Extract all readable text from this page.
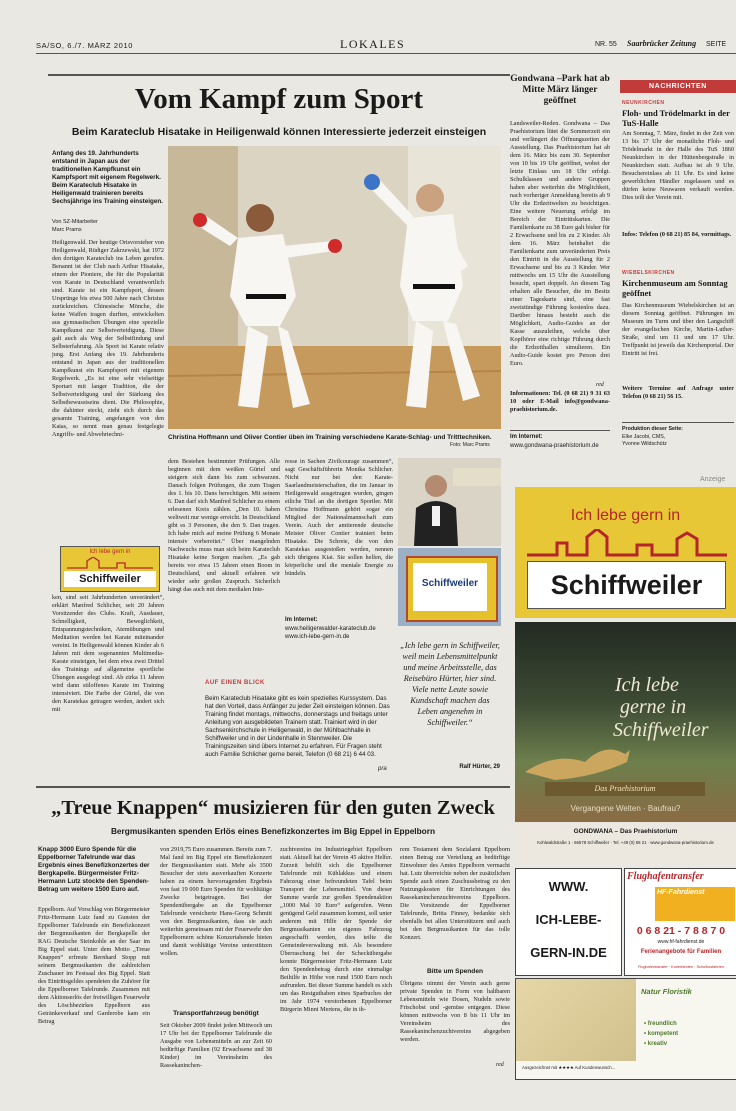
SA/SO, 6./7. MÄRZ 2010	LOKALES	NR. 55 Saarbrücker Zeitung SEITE
Vom Kampf zum Sport
Beim Karateclub Hisatake in Heiligenwald können Interessierte jederzeit einsteigen
Anfang des 19. Jahrhunderts entstand in Japan aus der traditionellen Kampfkunst ein Kampfsport mit eigenem Regelwerk. Beim Karateclub Hisatake in Heiligenwald trainieren bereits Sechsjährige ins Training einsteigen.
Von SZ-Mitarbeiter
Marc Prams
Heiligenwald. Der heutige Ortsvorsteher von Heiligenwald, Rüdiger Zakrzewski, hat 1972 den dortigen Karateclub ins Leben gerufen. Benannt ist der Club nach Arthur Hisatake, einem der Pioniere, die für die Popularität von Karate in Deutschland verantwortlich sind. Karate ist ein Kampfsport, dessen Ursprünge bis etwa 500 Jahre nach Christus zurückreichen. Chinesische Mönche, die keine Waffen tragen durften, entwickelten aus gymnastischen Übungen eine spezielle Kampfkunst zur Selbstverteidigung. Diese galt auch als Weg der Selbstfindung und Selbsterfahrung. Als Sport ist Karate relativ jung. Erst Anfang des 19. Jahrhunderts entstand in Japan aus der traditionellen Kampfkunst ein Kampfsport mit eigenem Regelwerk. „Es ist eine sehr vielseitige Sportart mit langer Tradition, die der Selbstverteidigung und der Stärkung des Selbstbewusstseins dient. Die Philosophie, die dahinter steckt, zieht sich durch das gesamte Training, angefangen von den Katas, so nennt man genau festgelegte Angriffs- und Abwehrtechni-	Christina Hoffmann und Oliver Contier üben im Training verschiedene Karate-Schlag- und Tritttechniken.
Foto: Marc Prams
dem Bestehen bestimmter Prüfungen. Alle beginnen mit dem weißen Gürtel und steigern sich dann bis zum schwarzen. Danach folgen Prüfungen, die zum Tragen des 1. bis 10. Dans berechtigen. Mit seinem 6. Dan darf sich Manfred Schlicher zu einem erlesenen Kreis zählen. „Den 10. haben weltweit nur wenige erreicht. In Deutschland gibt es 3 Personen, die den 9. Dan tragen. Ich habe mich auf meine Prüfung 6 Monate intensiv vorbereitet.“ Über mangelnden Nachwuchs muss man sich beim Karateclub Hisatake keine Sorgen machen. „Es gab bereits vor etwa 15 Jahren einen Boom in Deutschland, und aktuell erfahren wir wieder sehr großen Zuspruch. Sicherlich hängt das auch mit dem medialen Inte-
resse in Sachen Zivilcourage zusammen“, sagt Geschäftsführerin Monika Schlicher. Nicht nur bei den Karate-Saarlandmeisterschaften, die im Januar in Heiligenwald ausgetragen wurden, gingen etliche Titel an die dortigen Sportler. Mit Christina Hoffmann gehört sogar ein Mitglied der Nationalmannschaft zum Verein. Auch der amtierende deutsche Meister Oliver Contier trainiert beim Hisatake. Die Schreie, die von den Karatekas ausgestoßen werden, nennen sich übrigens Kiai. Sie sollen helfen, die körperliche und die mentale Energie zu bündeln.
Schiffweiler
Ich lebe gern in
Schiffweiler
ken, sind seit Jahrhunderten unverändert“, erklärt Manfred Schlicher, seit 20 Jahren Vorsitzender des Clubs. Kraft, Ausdauer, Schnelligkeit, Beweglichkeit, Entspannungstechniken, Atemübungen und Meditation werden bei Karate miteinander vereint. In Heiligenwald können Kinder ab 6 Jahren mit dem sogenannten Multimedia-Karate einsteigen, bei dem etwa zwei Drittel des Trainings auf allgemeine sportliche Übungen ausgelegt sind. Ab zirka 11 Jahren wird dann stiloffenes Karate im Training intensiviert. Die Farbe der Gürtel, die von den Karatekas getragen werden, ändert sich mit
Im Internet:
www.heiligenwalder-karateclub.de
www.ich-lebe-gern-in.de
AUF EINEN BLICK
Beim Karateclub Hisatake gibt es kein spezielles Kurssystem. Das hat den Vorteil, dass Anfänger zu jeder Zeit einsteigen können. Das Training findet montags, mittwochs, donnerstags und freitags unter Anleitung von ausgebildeten Trainern statt. Trainiert wird in der Sachsenkirchschule in Heiligenwald, in der Mühlbachhalle in Schiffweiler und in der Lindenhalle in Stennweiler. Die Trainingszeiten sind übers Internet zu erfahren. Für Fragen steht auch Familie Schlicher gerne bereit, Telefon (0 68 21) 6 44 03.
pra
„Ich lebe gern in Schiffweiler, weil mein Lebensmittelpunkt und meine Arbeitsstelle, das Reisebüro Hürter, hier sind. Viele nette Leute sowie Kundschaft machen das Leben angenehm in Schiffweiler.“
Ralf Hürter, 29
Gondwana –Park hat ab Mitte März länger geöffnet
Landsweiler-Reden. Gondwana – Das Praehistorium lütet die Sommerzeit ein und verlängert die Öffnungszeiten der Ausstellung. Das Praehistorium hat ab dem 16. März bis zum 30. September von 10 bis 19 Uhr geöffnet, wobei der letzte Einlass um 18 Uhr erfolgt. Schulklassen und andere Gruppen haben aber weiterhin die Möglichkeit, nach vorheriger Anmeldung bereits ab 9 Uhr die Erdzeitwelten zu besichtigen. Eine weitere Neuerung erfolgt im Bereich der Eintrittskarten. Die Familienkarte zu 38 Euro galt bisher für 2 Erwachsene und bis zu 2 Kinder. Ab dem 16. März beinhaltet die Familienkarte zum unveränderten Preis den Eintritt in die Ausstellung für 2 Erwachsene und bis zu 3 Kinder. Wer mittwochs um 15 Uhr die Ausstellung besucht, spart doppelt. An diesem Tag erhalten alle Besucher, die im Besitz einer Tageskarte sind, eine fast zweistündige Führung kostenlos dazu. Darüber hinaus besteht auch die Möglichkeit, Audio-Guides an der Kasse auszuleihen, welche über Kopfhörer eine richtige Führung durch die Erdzeithallen simulieren. Ein Audio-Guide kostet pro Person drei Euro.
red
Informationen: Tel. (0 68 21) 9 31 63 10 oder E-Mail info@gondwana-praehistorium.de.
Im Internet:
www.gondwana-praehistorium.de
NACHRICHTEN
NEUNKIRCHEN
Floh- und Trödelmarkt in der TuS-Halle
Am Sonntag, 7. März, findet in der Zeit von 13 bis 17 Uhr der monatliche Floh- und Trödelmarkt in der Halle des TuS 1860 Neunkirchen in der Hüttenbergstraße in Neunkirchen statt. Aufbau ist ab 9 Uhr. Besuchereinlass ab 11 Uhr. Es sind keine gewerblichen Händler zugelassen und es dürfen keine Neuwaren verkauft werden. Dies teilt der Verein mit.
Infos: Telefon (0 68 21) 85 84, vormittags.
WIEBELSKIRCHEN
Kirchenmuseum am Sonntag geöffnet
Das Kirchenmuseum Wiebelskirchen ist an diesem Sonntag geöffnet. Führungen im Museum im Turm und über den Langschiff der evangelischen Kirche, Martin-Luther-Straße, sind um 11 und um 17 Uhr. Treffpunkt ist jeweils das Kirchenportal. Der Eintritt ist frei.
Weitere Termine auf Anfrage unter Telefon (0 68 21) 56 15.
Produktion dieser Seite:
Elke Jacobi, CMS,
Yvonne Wildschütz
Anzeige
Ich lebe gern in
Schiffweiler
Ich lebe
gerne in
Schiffweiler
Das Praehistorium
Vergangene Welten · Baufrau?
GONDWANA – Das Praehistorium
Kohlwaldstraße 1 · 66578 Schiffweiler · Tel. +49 (0) 68 21 · www.gondwana-praehistorium.de
WWW.
ICH-LEBE-
GERN-IN.DE
Flughafentransfer
HF-Fahrdienst
0 6 8 21 - 7 8 8 7 0
www.hf-fahrdienst.de
Ferienangebote für Familien
Flughafentransfer · Kurierfahrten · Schulbusfahrten
Natur Floristik
• freundlich
• kompetent
• kreativ
Ausgezeichnet mit ★★★★ Auf Kundenwunsch...
„Treue Knappen“ musizieren für den guten Zweck
Bergmusikanten spenden Erlös eines Benefizkonzertes im Big Eppel in Eppelborn
Knapp 3000 Euro Spende für die Eppelborner Tafelrunde war das Ergebnis eines Benefizkonzertes der Bergkapelle. Bürgermeister Fritz-Hermann Lutz stockte den Spenden-Betrag um weitere 1500 Euro auf.
Eppelborn. Auf Vorschlag von Bürgermeister Fritz-Hermann Lutz fand zu Gunsten der Eppelborner Tafelrunde ein Benefizkonzert der Bergmusikanten der Bergkapelle der RAG Deutsche Steinkohle an der Saar im Big Eppel statt. Unter dem Motto „Treue Knappen“ erfreute Bernhard Stopp mit seinem Bergmusikanten die zahlreichen Zuschauer im Festsaal des Big Eppel. Statt des Eintrittsgeldes spendeten die Zuhörer für die Eppelborner Tafelrunde. Zusammen mit dem Aktionserlös der freiwilligen Feuerwehr des Löschbezirkes Eppelborn aus Getränkeverkauf und Garderobe kam ein Betrag
von 2919,75 Euro zusammen. Bereits zum 7. Mal fand im Big Eppel ein Benefizkonzert der Bergmusikanten statt. Mehr als 3500 Besucher der stets ausverkauften Konzerte haben zu einem hervorragenden Ergebnis von fast 19 000 Euro Spenden für wohltätige Zwecke beigetragen. Bei der Spendenübergabe an die Eppelborner Tafelrunde versicherte Hans-Georg Schmitt von den Bergmusikanten, dass sie auch weiterhin gemeinsam mit der Feuerwehr den Eppelbornern schöne Konzertabende bieten und damit wohltätige Vereine unterstützen wollen.
Transportfahrzeug benötigt
Seit Oktober 2009 findet jeden Mittwoch um 17 Uhr bei der Eppelborner Tafelrunde die Ausgabe von Lebensmitteln an zur Zeit 60 bedürftige Familien (92 Erwachsene und 38 Kinder) im Vereinsheim des Rassekaninchen-
zuchtvereins im Industriegebiet Eppelborn statt. Aktuell hat der Verein 45 aktive Helfer. Zurzeit behilft sich die Eppelborner Tafelrunde mit Kühlakkus und einem Fahrzeug einer befreundeten Tafel beim Transport der Lebensmittel. Von dieser Summe wurde zur großen Spendenaktion „1000 Mal 10 Euro“ aufgerufen. Wenn genügend Geld zusammen kommt, soll unter anderem mit Hilfe der Spende der Bergmusikanten ein eigenes Fahrzeug angeschafft werden, dies teilte die Gemeindeverwaltung mit. Als besondere Überraschung bei der Scheckübergabe konnte Bürgermeister Fritz-Hermann Lutz den Spendenbetrag durch eine einmalige Beihilfe in Höhe von rund 1500 Euro noch aufrunden. Bei dieser Summe handelt es sich um das Restguthaben eines Sparbuches der im Jahr 1974 verstorbenen Eppelborner Bürgerin Minni Mertens, die in ih-
rem Testament dem Sozialamt Eppelborn einen Betrag zur Verteilung an bedürftige Einwohner des Amtes Eppelborn vermacht hat. Lutz überreichte neben der zusätzlichen Spende auch einen Zuschussbetrag zu den Nutzungskosten für Einrichtungen des Rassekaninchenzuchtvereins Eppelborn. Die Vorsitzende der Eppelborner Tafelrunde, Britta Finney, bedankte sich ebenfalls bei allen Unterstützern und auch bei den Bergmusikanten für das tolle Konzert.
Bitte um Spenden
Übrigens nimmt der Verein auch gerne private Spenden in Form von haltbaren Lebensmitteln wie Dosen, Nudeln sowie Frischobst und -gemüse entgegen. Diese können mittwochs von 8 bis 11 Uhr im Vereinsheim des Rassekaninchenzuchtvereins abgegeben werden.
red
